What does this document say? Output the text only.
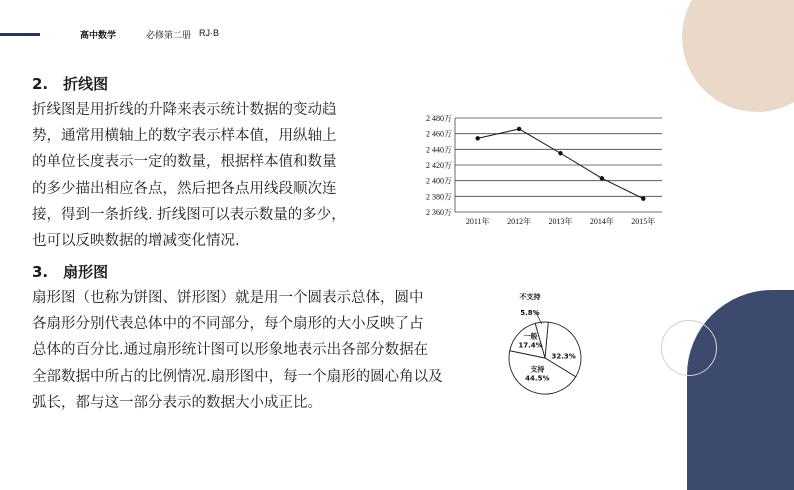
高中数学	必修第二册 RJ·B
2.　折线图
折线图是用折线的升降来表示统计数据的变动趋
势，通常用横轴上的数字表示样本值，用纵轴上
的单位长度表示一定的数量，根据样本值和数量
的多少描出相应各点，然后把各点用线段顺次连
接，得到一条折线. 折线图可以表示数量的多少，
也可以反映数据的增减变化情况.
3.　扇形图
扇形图（也称为饼图、饼形图）就是用一个圆表示总体，圆中
各扇形分别代表总体中的不同部分，每个扇形的大小反映了占
总体的百分比.通过扇形统计图可以形象地表示出各部分数据在
全部数据中所占的比例情况.扇形图中，每一个扇形的圆心角以及
弧长，都与这一部分表示的数据大小成正比。
2 360万
2 380万
2 400万
2 420万
2 440万
2 460万
2 480万
2011年 2012年 2013年 2014年 2015年
32.3%
支持
44.5%
一般
17.4%
不支持
5.8%
